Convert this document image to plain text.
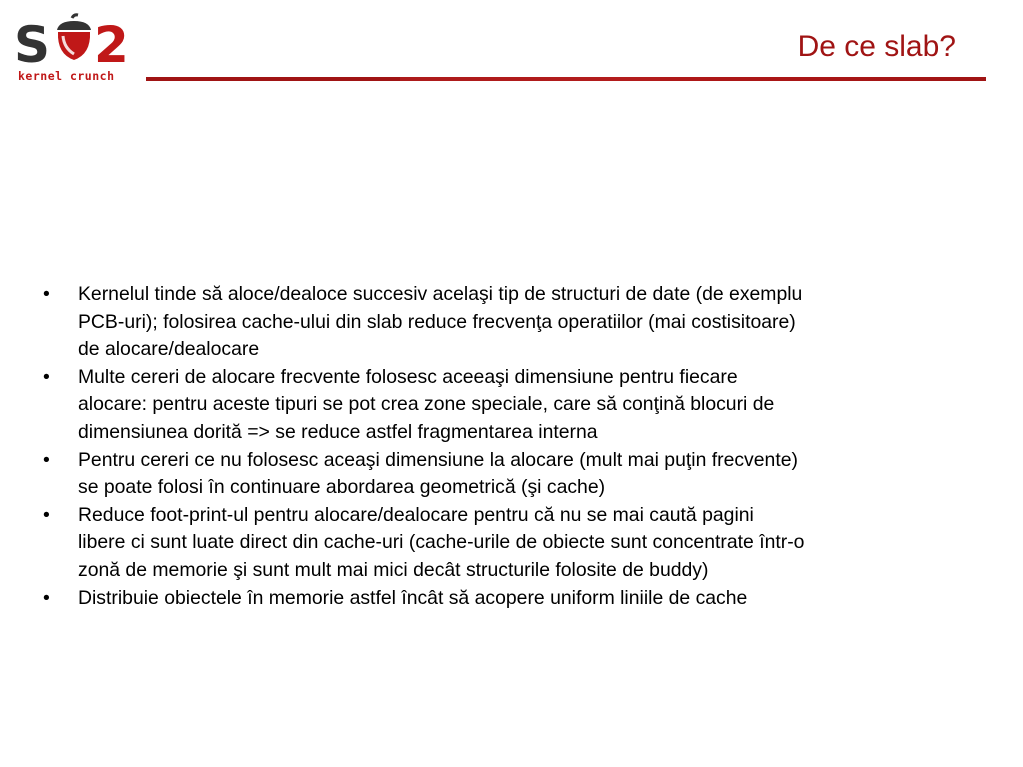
S 2
kernel crunch
De ce slab?
• Kernelul tinde să aloce/dealoce succesiv acelaşi tip de structuri de date (de exemplu
PCB-uri); folosirea cache-ului din slab reduce frecvenţa operatiilor (mai costisitoare)
de alocare/dealocare
• Multe cereri de alocare frecvente folosesc aceeaşi dimensiune pentru fiecare
alocare: pentru aceste tipuri se pot crea zone speciale, care să conţină blocuri de
dimensiunea dorită => se reduce astfel fragmentarea interna
• Pentru cereri ce nu folosesc aceaşi dimensiune la alocare (mult mai puţin frecvente)
se poate folosi în continuare abordarea geometrică (şi cache)
• Reduce foot-print-ul pentru alocare/dealocare pentru că nu se mai caută pagini
libere ci sunt luate direct din cache-uri (cache-urile de obiecte sunt concentrate într-o
zonă de memorie şi sunt mult mai mici decât structurile folosite de buddy)
• Distribuie obiectele în memorie astfel încât să acopere uniform liniile de cache
